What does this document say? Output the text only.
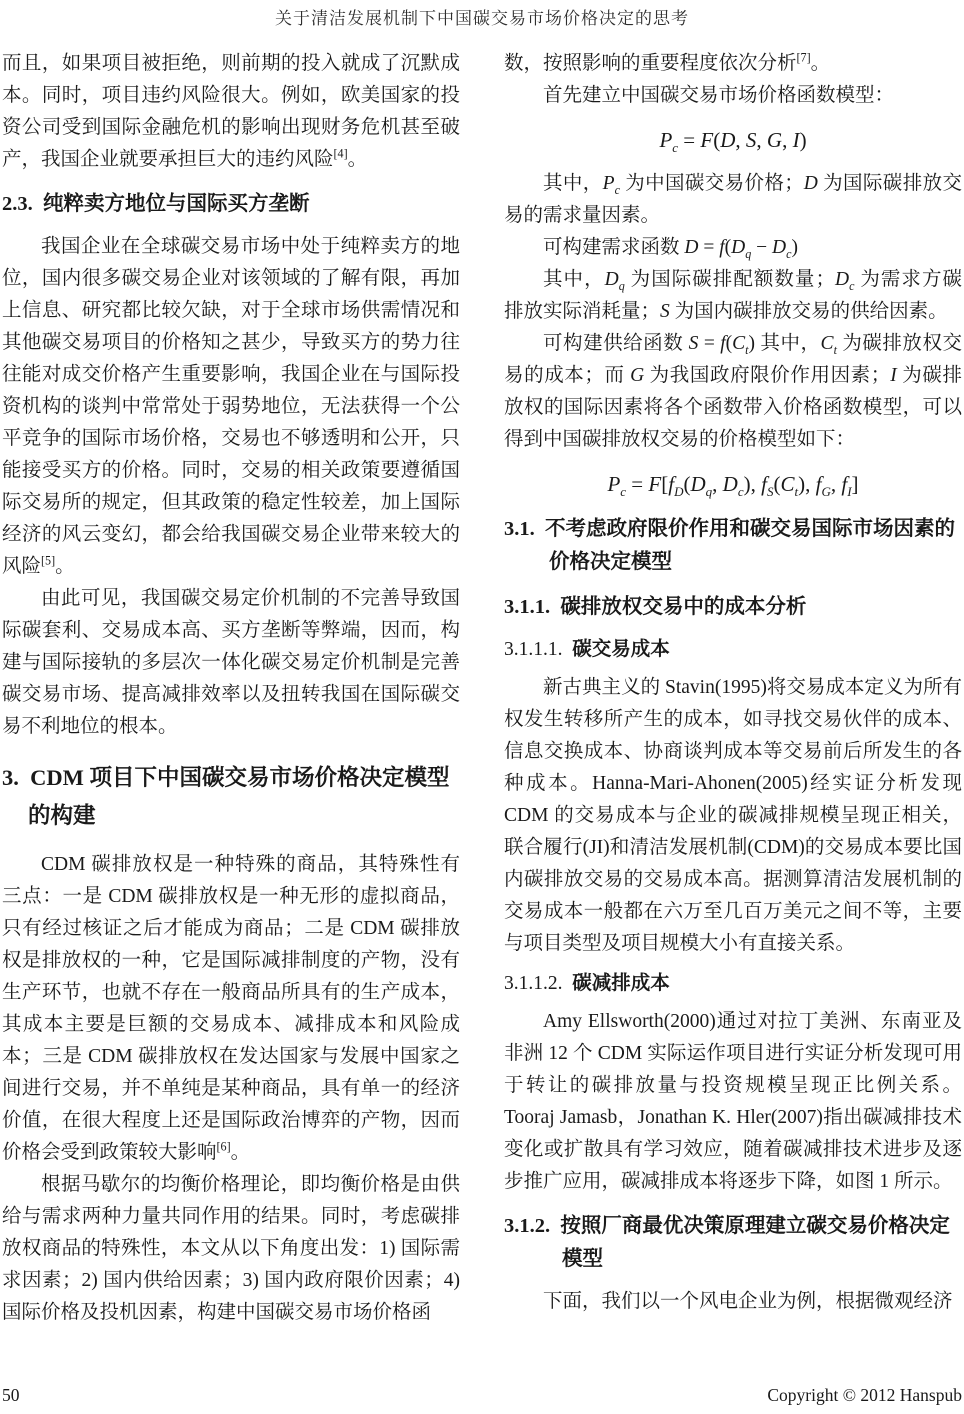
关于清洁发展机制下中国碳交易市场价格决定的思考

而且，如果项目被拒绝，则前期的投入就成了沉默成本。同时，项目违约风险很大。例如，欧美国家的投资公司受到国际金融危机的影响出现财务危机甚至破产，我国企业就要承担巨大的违约风险[4]。

2.3. 纯粹卖方地位与国际买方垄断

我国企业在全球碳交易市场中处于纯粹卖方的地位，国内很多碳交易企业对该领域的了解有限，再加上信息、研究都比较欠缺，对于全球市场供需情况和其他碳交易项目的价格知之甚少，导致买方的势力往往能对成交价格产生重要影响，我国企业在与国际投资机构的谈判中常常处于弱势地位，无法获得一个公平竞争的国际市场价格，交易也不够透明和公开，只能接受买方的价格。同时，交易的相关政策要遵循国际交易所的规定，但其政策的稳定性较差，加上国际经济的风云变幻，都会给我国碳交易企业带来较大的风险[5]。

由此可见，我国碳交易定价机制的不完善导致国际碳套利、交易成本高、买方垄断等弊端，因而，构建与国际接轨的多层次一体化碳交易定价机制是完善碳交易市场、提高减排效率以及扭转我国在国际碳交易不利地位的根本。

3. CDM 项目下中国碳交易市场价格决定模型的构建

CDM 碳排放权是一种特殊的商品，其特殊性有三点：一是 CDM 碳排放权是一种无形的虚拟商品，只有经过核证之后才能成为商品；二是 CDM 碳排放权是排放权的一种，它是国际减排制度的产物，没有生产环节，也就不存在一般商品所具有的生产成本，其成本主要是巨额的交易成本、减排成本和风险成本；三是 CDM 碳排放权在发达国家与发展中国家之间进行交易，并不单纯是某种商品，具有单一的经济价值，在很大程度上还是国际政治博弈的产物，因而价格会受到政策较大影响[6]。

根据马歇尔的均衡价格理论，即均衡价格是由供给与需求两种力量共同作用的结果。同时，考虑碳排放权商品的特殊性，本文从以下角度出发：1) 国际需求因素；2) 国内供给因素；3) 国内政府限价因素；4) 国际价格及投机因素，构建中国碳交易市场价格函

数，按照影响的重要程度依次分析[7]。

首先建立中国碳交易市场价格函数模型：

$P_c = F(D$, S, G, I)

其中，$P_c$ 为中国碳交易价格；D 为国际碳排放交易的需求量因素。

可构建需求函数 $D = f(D_q - D_c)$

其中，$D_q$ 为国际碳排配额数量；$D_c$ 为需求方碳排放实际消耗量；S 为国内碳排放交易的供给因素。

可构建供给函数 $S = f(C_t)$ 其中，$C_t$ 为碳排放权交易的成本；而 G 为我国政府限价作用因素；I 为碳排放权的国际因素将各个函数带入价格函数模型，可以得到中国碳排放权交易的价格模型如下：

$P_c = F[f_D(D_q$, $D_c$), $f_S(C_t)$, $f_G$, $f_I$]
3.1. 不考虑政府限价作用和碳交易国际市场因素的价格决定模型
3.1.1. 碳排放权交易中的成本分析
3.1.1.1. 碳交易成本

新古典主义的 Stavin(1995)将交易成本定义为所有权发生转移所产生的成本，如寻找交易伙伴的成本、信息交换成本、协商谈判成本等交易前后所发生的各种成本。Hanna-Mari-Ahonen(2005)经实证分析发现 CDM 的交易成本与企业的碳减排规模呈现正相关，联合履行(JI)和清洁发展机制(CDM)的交易成本要比国内碳排放交易的交易成本高。据测算清洁发展机制的交易成本一般都在六万至几百万美元之间不等，主要与项目类型及项目规模大小有直接关系。

3.1.1.2. 碳减排成本

Amy Ellsworth(2000)通过对拉丁美洲、东南亚及非洲 12 个 CDM 实际运作项目进行实证分析发现可用于转让的碳排放量与投资规模呈现正比例关系。Tooraj Jamasb，Jonathan K. Hler(2007)指出碳减排技术变化或扩散具有学习效应，随着碳减排技术进步及逐步推广应用，碳减排成本将逐步下降，如图 1 所示。

3.1.2. 按照厂商最优决策原理建立碳交易价格决定模型

下面，我们以一个风电企业为例，根据微观经济

50	Copyright © 2012 Hanspub
